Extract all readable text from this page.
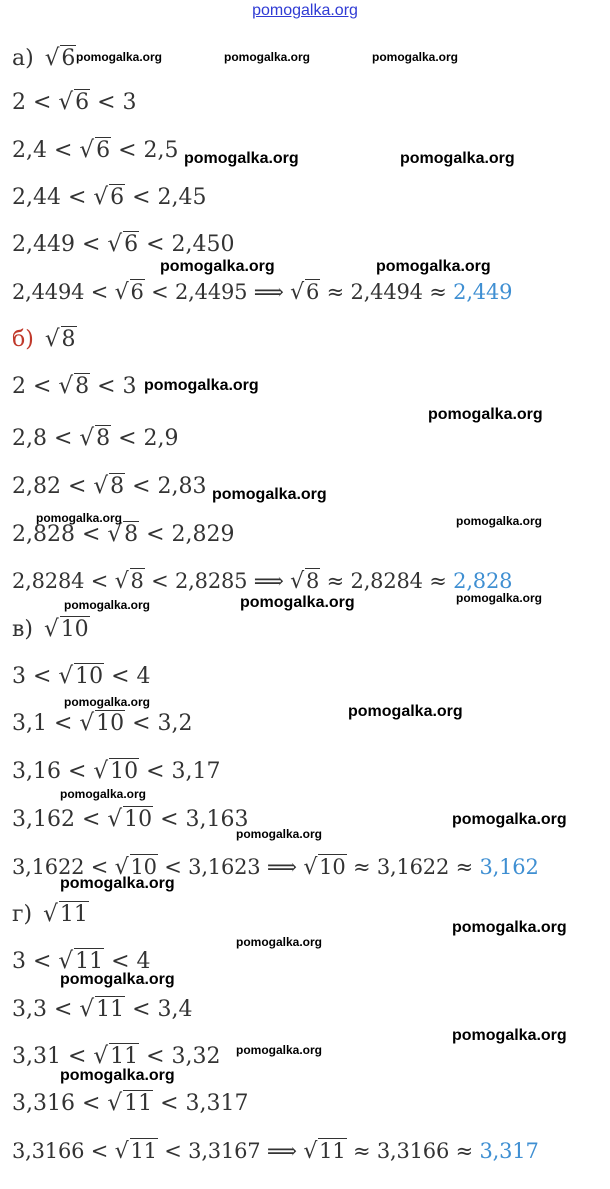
pomogalka.org
а) √6
2 < √6 < 3
2,4 < √6 < 2,5
2,44 < √6 < 2,45
2,449 < √6 < 2,450
2,4494 < √6 < 2,4495 ⟹ √6 ≈ 2,4494 ≈ 2,449
б) √8
2 < √8 < 3
2,8 < √8 < 2,9
2,82 < √8 < 2,83
2,828 < √8 < 2,829
2,8284 < √8 < 2,8285 ⟹ √8 ≈ 2,8284 ≈ 2,828
в) √10
3 < √10 < 4
3,1 < √10 < 3,2
3,16 < √10 < 3,17
3,162 < √10 < 3,163
3,1622 < √10 < 3,1623 ⟹ √10 ≈ 3,1622 ≈ 3,162
г) √11
3 < √11 < 4
3,3 < √11 < 3,4
3,31 < √11 < 3,32
3,316 < √11 < 3,317
3,3166 < √11 < 3,3167 ⟹ √11 ≈ 3,3166 ≈ 3,317
pomogalka.org	pomogalka.org	pomogalka.org
pomogalka.org	pomogalka.org
pomogalka.org	pomogalka.org
pomogalka.org
pomogalka.org
pomogalka.org
pomogalka.org	pomogalka.org
pomogalka.org	pomogalka.org	pomogalka.org
pomogalka.org
pomogalka.org
pomogalka.org
pomogalka.org
pomogalka.org
pomogalka.org
pomogalka.org
pomogalka.org
pomogalka.org
pomogalka.org
pomogalka.org
pomogalka.org
